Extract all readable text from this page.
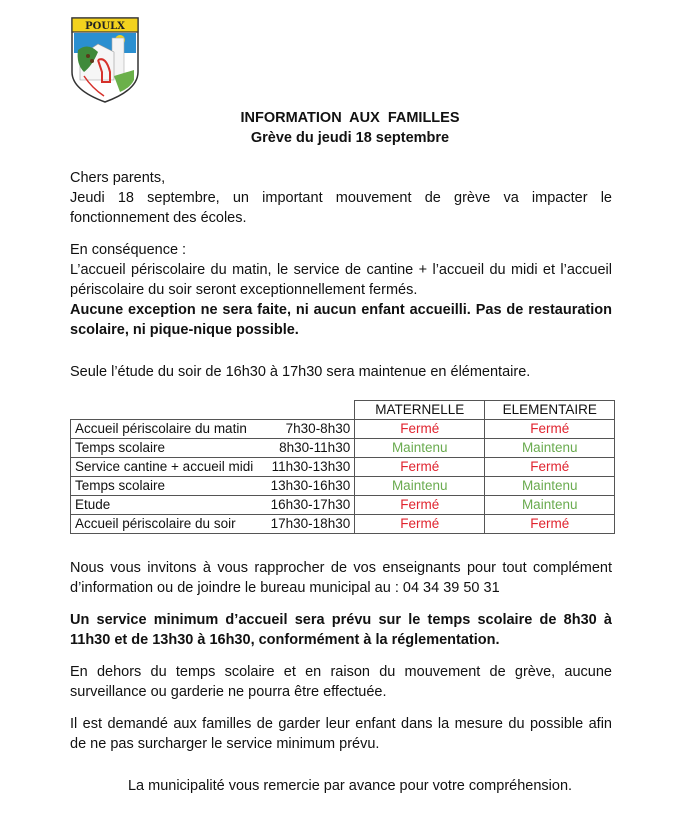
POULX
INFORMATION AUX FAMILLES
Grève du jeudi 18 septembre

Chers parents,

Jeudi 18 septembre, un important mouvement de grève va impacter le fonctionnement des écoles.

En conséquence :

L’accueil périscolaire du matin, le service de cantine + l’accueil du midi et l’accueil périscolaire du soir seront exceptionnellement fermés.

Aucune exception ne sera faite, ni aucun enfant accueilli. Pas de restauration scolaire, ni pique-nique possible.

Seule l’étude du soir de 16h30 à 17h30 sera maintenue en élémentaire.

		MATERNELLE	ELEMENTAIRE
Accueil périscolaire du matin	7h30-8h30	Fermé	Fermé
Temps scolaire	8h30-11h30	Maintenu	Maintenu
Service cantine + accueil midi	11h30-13h30	Fermé	Fermé
Temps scolaire	13h30-16h30	Maintenu	Maintenu
Etude	16h30-17h30	Fermé	Maintenu
Accueil périscolaire du soir	17h30-18h30	Fermé	Fermé

Nous vous invitons à vous rapprocher de vos enseignants pour tout complément d’information ou de joindre le bureau municipal au : 04 34 39 50 31

Un service minimum d’accueil sera prévu sur le temps scolaire de 8h30 à 11h30 et de 13h30 à 16h30, conformément à la réglementation.

En dehors du temps scolaire et en raison du mouvement de grève, aucune surveillance ou garderie ne pourra être effectuée.

Il est demandé aux familles de garder leur enfant dans la mesure du possible afin de ne pas surcharger le service minimum prévu.

La municipalité vous remercie par avance pour votre compréhension.
